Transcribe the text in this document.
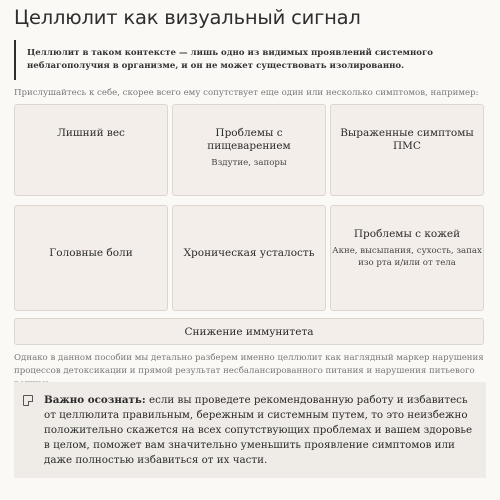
Целлюлит как визуальный сигнал
Целлюлит в таком контексте — лишь одно из видимых проявлений системного неблагополучия в организме, и он не может существовать изолированно.
Прислушайтесь к себе, скорее всего ему сопутствует еще один или несколько симптомов, например:
Лишний вес	Проблемы с пищеварением
Вздутие, запоры
Выраженные симптомы ПМС
Головные боли	Хроническая усталость
Проблемы с кожей
Акне, высыпания, сухость, запах изо рта и/или от тела
Снижение иммунитета
Однако в данном пособии мы детально разберем именно целлюлит как наглядный маркер нарушения процессов детоксикации и прямой результат несбалансированного питания и нарушения питьевого
Важно осознать: если вы проведете рекомендованную работу и избавитесь от целлюлита правильным, бережным и системным путем, то это неизбежно положительно скажется на всех сопутствующих проблемах и вашем здоровье в целом, поможет вам значительно уменьшить проявление симптомов или даже полностью избавиться от их части.
